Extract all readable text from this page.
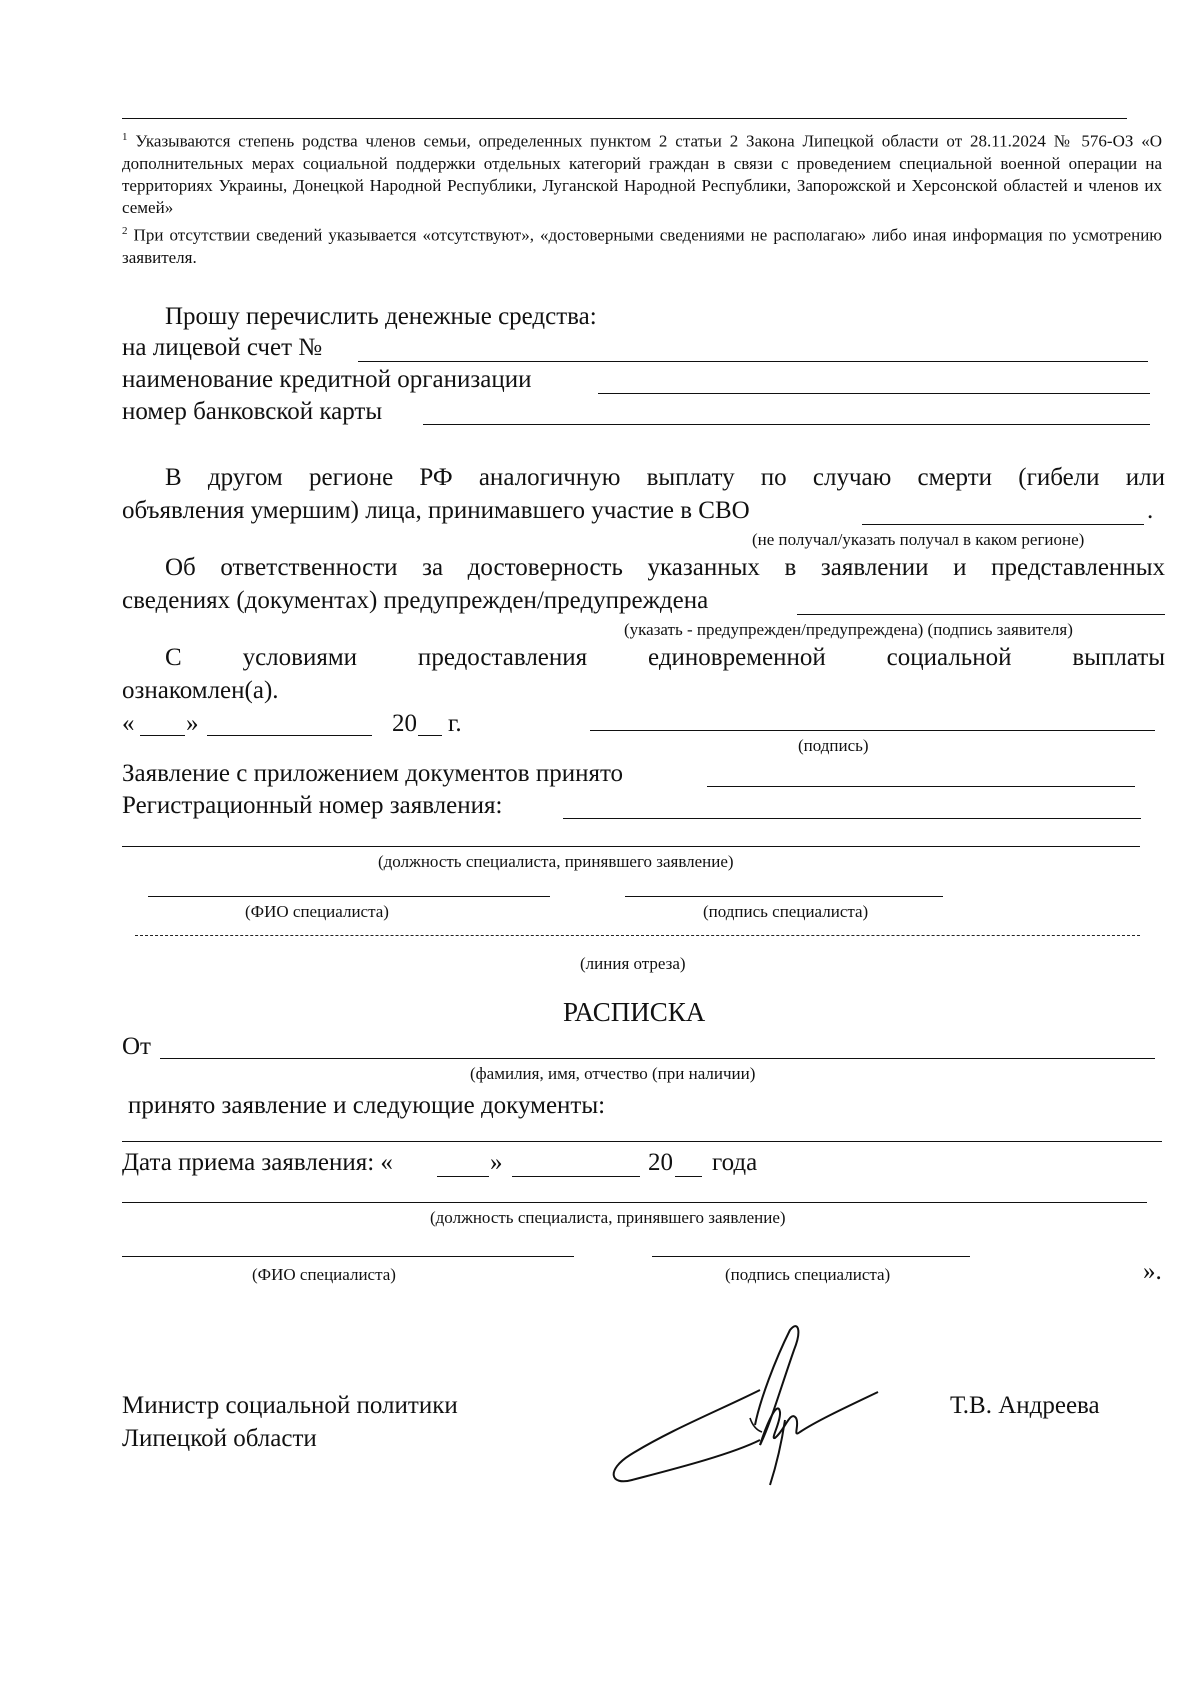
$^1$ Указываются степень родства членов семьи, определенных пунктом 2 статьи 2 Закона Липецкой области от 28.11.2024 № 576-ОЗ «О дополнительных мерах социальной поддержки отдельных категорий граждан в связи с проведением специальной военной операции на территориях Украины, Донецкой Народной Республики, Луганской Народной Республики, Запорожской и Херсонской областей и членов их семей»
$^2$ При отсутствии сведений указывается «отсутствуют», «достоверными сведениями не располагаю» либо иная информация по усмотрению заявителя.
Прошу перечислить денежные средства:
на лицевой счет №
наименование кредитной организации
номер банковской карты
В другом регионе РФ аналогичную выплату по случаю смерти (гибели или
объявления умершим) лица, принимавшего участие в СВО	.
(не получал/указать получал в каком регионе)
Об ответственности за достоверность указанных в заявлении и представленных
сведениях (документах) предупрежден/предупреждена
(указать - предупрежден/предупреждена) (подпись заявителя)
С условиями предоставления единовременной социальной выплаты
ознакомлен(а).
« »	20 г.
(подпись)
Заявление с приложением документов принято
Регистрационный номер заявления:
(должность специалиста, принявшего заявление)
(ФИО специалиста)	(подпись специалиста)
(линия отреза)
РАСПИСКА
От
(фамилия, имя, отчество (при наличии)
принято заявление и следующие документы:
Дата приема заявления: «	»	20 года
(должность специалиста, принявшего заявление)
(ФИО специалиста)	(подпись специалиста)	».
Министр социальной политики
Липецкой области
Т.В. Андреева
